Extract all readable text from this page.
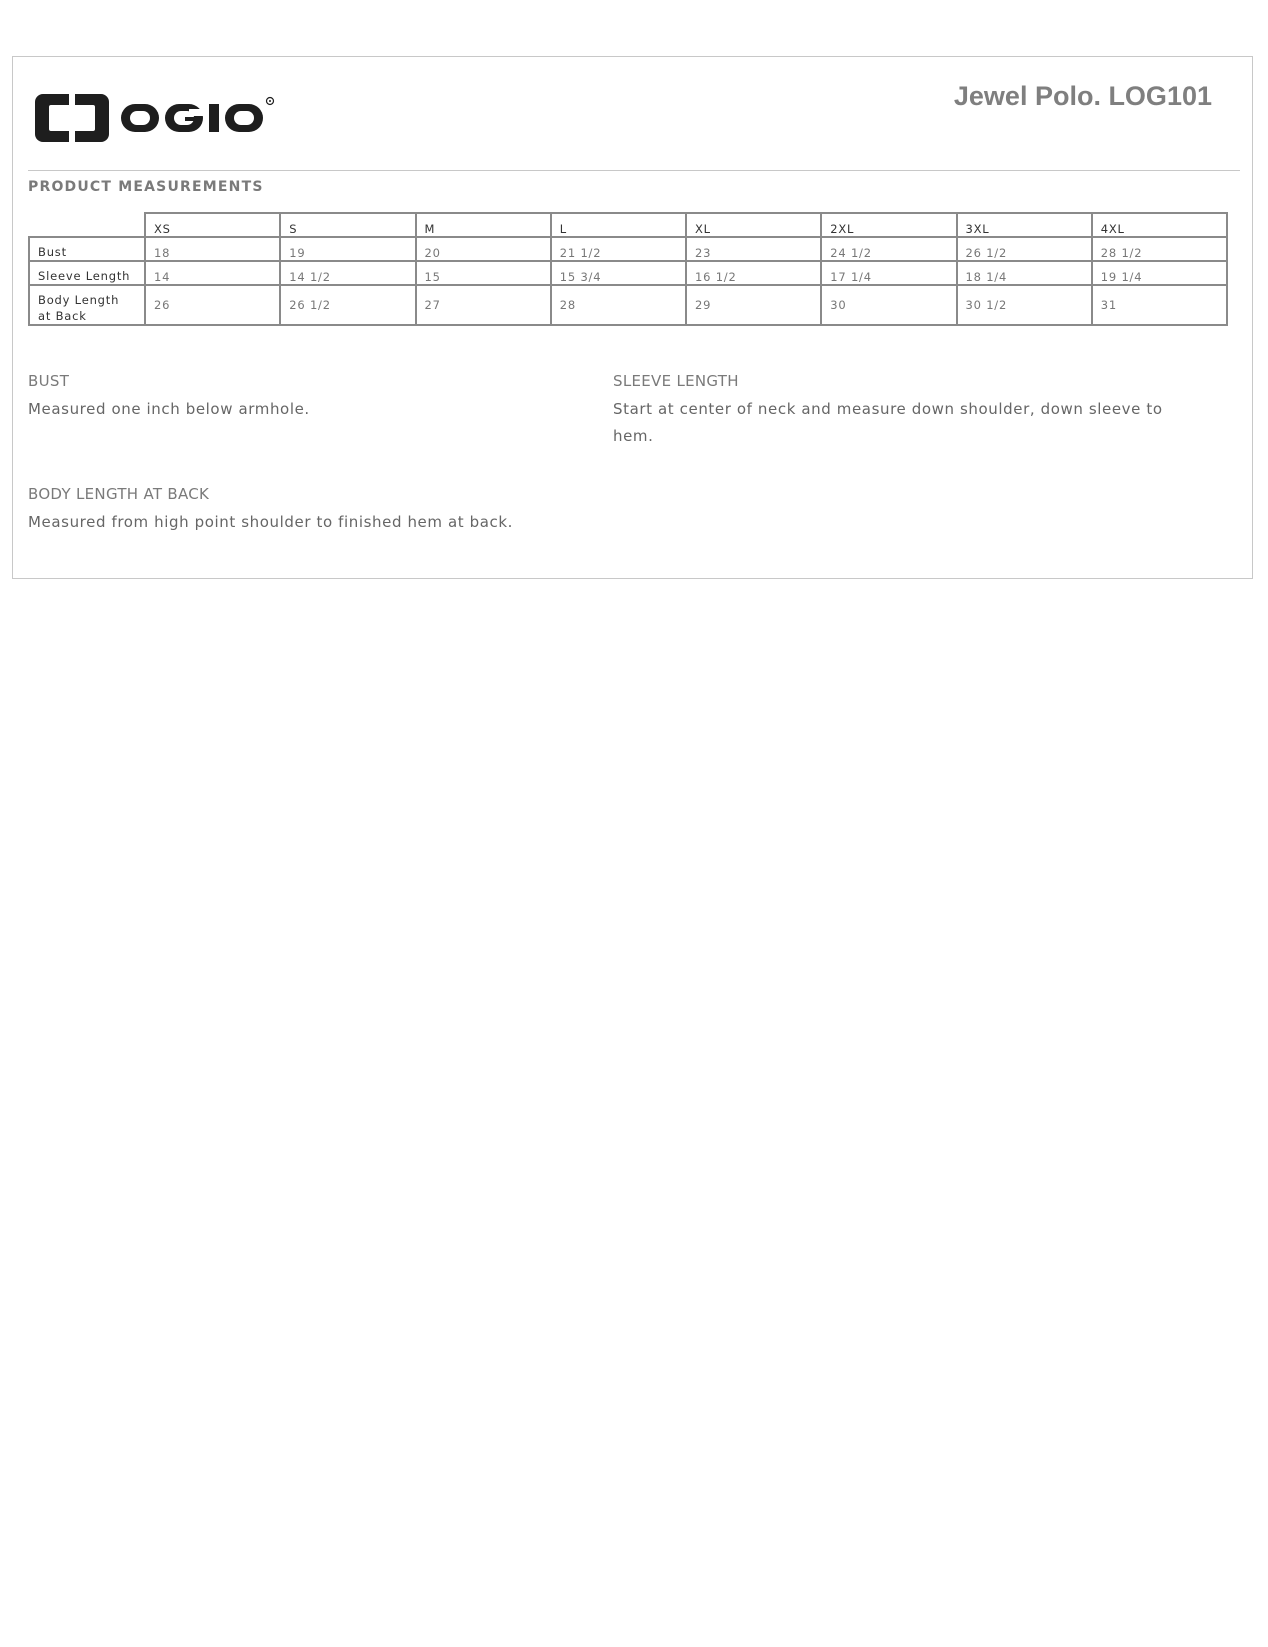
Jewel Polo. LOG101
PRODUCT MEASUREMENTS
	XS	S	M	L	XL	2XL	3XL	4XL
Bust	18	19	20	21 1/2	23	24 1/2	26 1/2	28 1/2
Sleeve Length	14	14 1/2	15	15 3/4	16 1/2	17 1/4	18 1/4	19 1/4
Body Length at Back	26	26 1/2	27	28	29	30	30 1/2	31
BUST
Measured one inch below armhole.
SLEEVE LENGTH
Start at center of neck and measure down shoulder, down sleeve to hem.
BODY LENGTH AT BACK
Measured from high point shoulder to finished hem at back.
